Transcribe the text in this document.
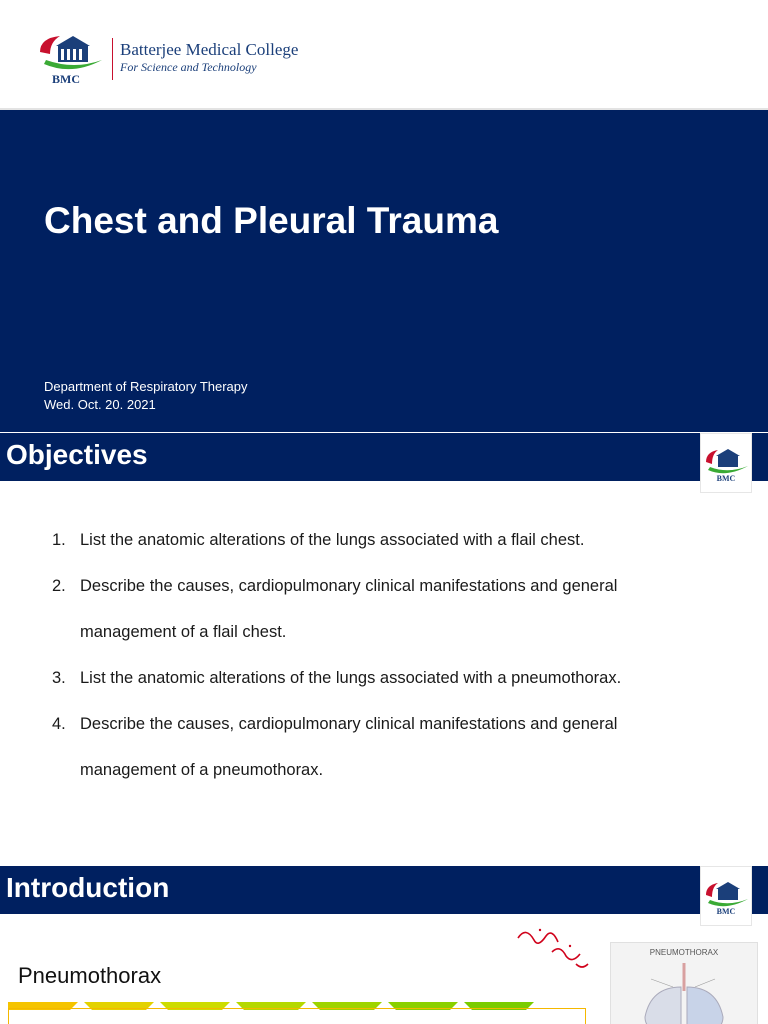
BMC
Batterjee Medical College
For Science and Technology
Chest and Pleural Trauma
Department of Respiratory Therapy
Wed. Oct. 20. 2021
Objectives
BMC
1. List the anatomic alterations of the lungs associated with a flail chest.
2. Describe the causes, cardiopulmonary clinical manifestations and general
management of a flail chest.
3. List the anatomic alterations of the lungs associated with a pneumothorax.
4. Describe the causes, cardiopulmonary clinical manifestations and general
management of a pneumothorax.
Introduction
BMC
Pneumothorax
PNEUMOTHORAX
